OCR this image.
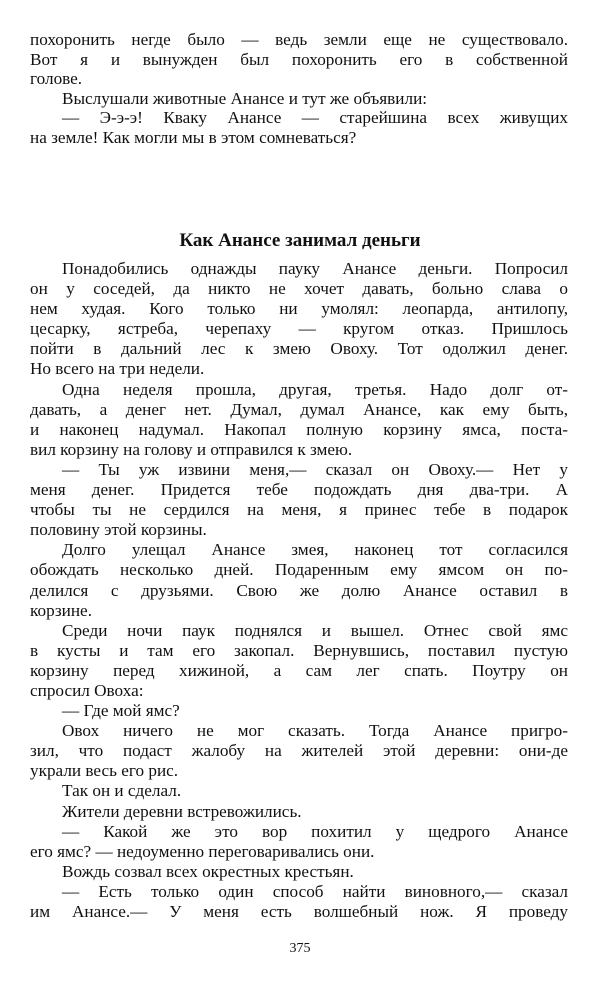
похоронить негде было — ведь земли еще не существовало.
Вот я и вынужден был похоронить его в собственной
голове.
Выслушали животные Анансе и тут же объявили:
— Э-э-э! Кваку Анансе — старейшина всех живущих
на земле! Как могли мы в этом сомневаться?
Как Анансе занимал деньги
Понадобились однажды пауку Анансе деньги. Попросил
он у соседей, да никто не хочет давать, больно слава о
нем худая. Кого только ни умолял: леопарда, антилопу,
цесарку, ястреба, черепаху — кругом отказ. Пришлось
пойти в дальний лес к змею Овоху. Тот одолжил денег.
Но всего на три недели.
Одна неделя прошла, другая, третья. Надо долг от-
давать, а денег нет. Думал, думал Анансе, как ему быть,
и наконец надумал. Накопал полную корзину ямса, поста-
вил корзину на голову и отправился к змею.
— Ты уж извини меня,— сказал он Овоху.— Нет у
меня денег. Придется тебе подождать дня два-три. А
чтобы ты не сердился на меня, я принес тебе в подарок
половину этой корзины.
Долго улещал Анансе змея, наконец тот согласился
обождать несколько дней. Подаренным ему ямсом он по-
делился с друзьями. Свою же долю Анансе оставил в
корзине.
Среди ночи паук поднялся и вышел. Отнес свой ямс
в кусты и там его закопал. Вернувшись, поставил пустую
корзину перед хижиной, а сам лег спать. Поутру он
спросил Овоха:
— Где мой ямс?
Овох ничего не мог сказать. Тогда Анансе пригро-
зил, что подаст жалобу на жителей этой деревни: они-де
украли весь его рис.
Так он и сделал.
Жители деревни встревожились.
— Какой же это вор похитил у щедрого Анансе
его ямс? — недоуменно переговаривались они.
Вождь созвал всех окрестных крестьян.
— Есть только один способ найти виновного,— сказал
им Анансе.— У меня есть волшебный нож. Я проведу
375
